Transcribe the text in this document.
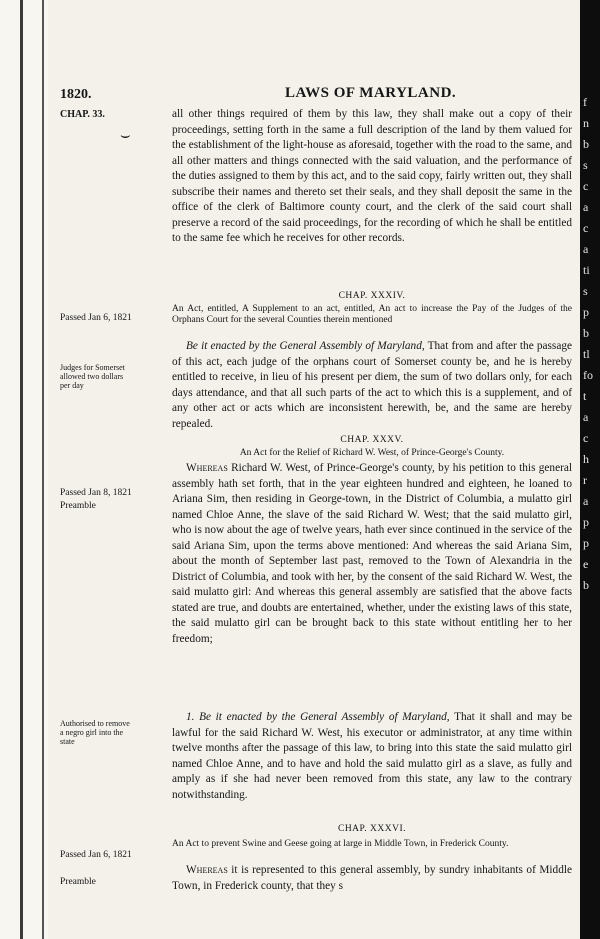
f
n
b
s
c
a
c
a
ti
s
p
b
tl
fo
t
a
c
h
r
a
p
p
e
b
1820.	LAWS OF MARYLAND.
CHAP. 33.
⌣
all other things required of them by this law, they shall make out a copy of their proceedings, setting forth in the same a full description of the land by them valued for the establishment of the light-house as aforesaid, together with the road to the same, and all other matters and things connected with the said valuation, and the performance of the duties assigned to them by this act, and to the said copy, fairly written out, they shall subscribe their names and thereto set their seals, and they shall deposit the same in the office of the clerk of Baltimore county court, and the clerk of the said court shall preserve a record of the said proceedings, for the recording of which he shall be entitled to the same fee which he receives for other records.
CHAP. XXXIV.
Passed Jan 6, 1821
An Act, entitled, A Supplement to an act, entitled, An act to increase the Pay of the Judges of the Orphans Court for the several Counties therein mentioned
Judges for Somerset allowed two dollars per day
Be it enacted by the General Assembly of Maryland, That from and after the passage of this act, each judge of the orphans court of Somerset county be, and he is hereby entitled to receive, in lieu of his present per diem, the sum of two dollars only, for each days attendance, and that all such parts of the act to which this is a supplement, and of any other act or acts which are inconsistent herewith, be, and the same are hereby repealed.
CHAP. XXXV.
Passed Jan 8, 1821
Preamble
An Act for the Relief of Richard W. West, of Prince-George's County.
Whereas Richard W. West, of Prince-George's county, by his petition to this general assembly hath set forth, that in the year eighteen hundred and eighteen, he loaned to Ariana Sim, then residing in George-town, in the District of Columbia, a mulatto girl named Chloe Anne, the slave of the said Richard W. West; that the said mulatto girl, who is now about the age of twelve years, hath ever since continued in the service of the said Ariana Sim, upon the terms above mentioned: And whereas the said Ariana Sim, about the month of September last past, removed to the Town of Alexandria in the District of Columbia, and took with her, by the consent of the said Richard W. West, the said mulatto girl: And whereas this general assembly are satisfied that the above facts stated are true, and doubts are entertained, whether, under the existing laws of this state, the said mulatto girl can be brought back to this state without entitling her to her freedom;
Authorised to remove a negro girl into the state
1. Be it enacted by the General Assembly of Maryland, That it shall and may be lawful for the said Richard W. West, his executor or administrator, at any time within twelve months after the passage of this law, to bring into this state the said mulatto girl named Chloe Anne, and to have and hold the said mulatto girl as a slave, as fully and amply as if she had never been removed from this state, any law to the contrary notwithstanding.
CHAP. XXXVI.
Passed Jan 6, 1821
An Act to prevent Swine and Geese going at large in Middle Town, in Frederick County.
Preamble
Whereas it is represented to this general assembly, by sundry inhabitants of Middle Town, in Frederick county, that they s
